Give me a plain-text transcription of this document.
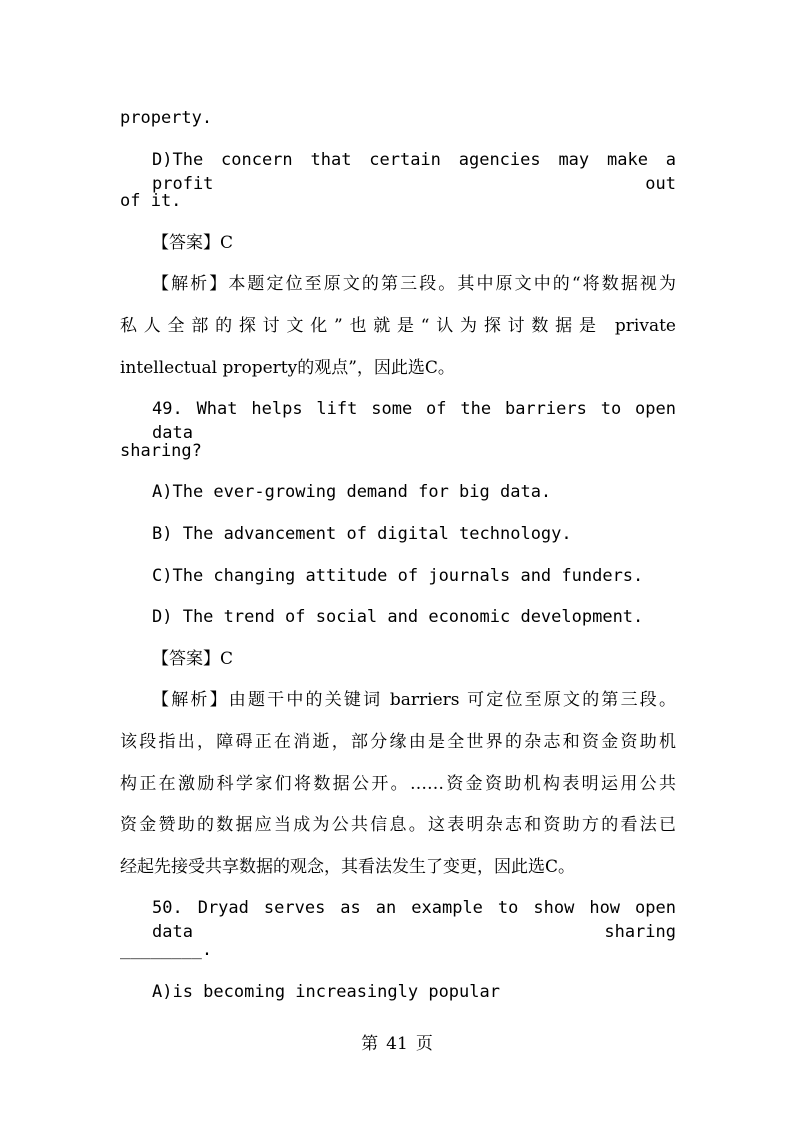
property.
D)The concern that certain agencies may make a profit out
of it.
【答案】C
【解析】本题定位至原文的第三段。其中原文中的“将数据视为
私人全部的探讨文化”也就是“认为探讨数据是 private
intellectual property的观点”，因此选C。
49. What helps lift some of the barriers to open data
sharing?
A)The ever-growing demand for big data.
B) The advancement of digital technology.
C)The changing attitude of journals and funders.
D) The trend of social and economic development.
【答案】C
【解析】由题干中的关键词 barriers 可定位至原文的第三段。
该段指出，障碍正在消逝，部分缘由是全世界的杂志和资金资助机
构正在激励科学家们将数据公开。……资金资助机构表明运用公共
资金赞助的数据应当成为公共信息。这表明杂志和资助方的看法已
经起先接受共享数据的观念，其看法发生了变更，因此选C。
50. Dryad serves as an example to show how open data sharing
________.
A)is becoming increasingly popular
第 41 页
